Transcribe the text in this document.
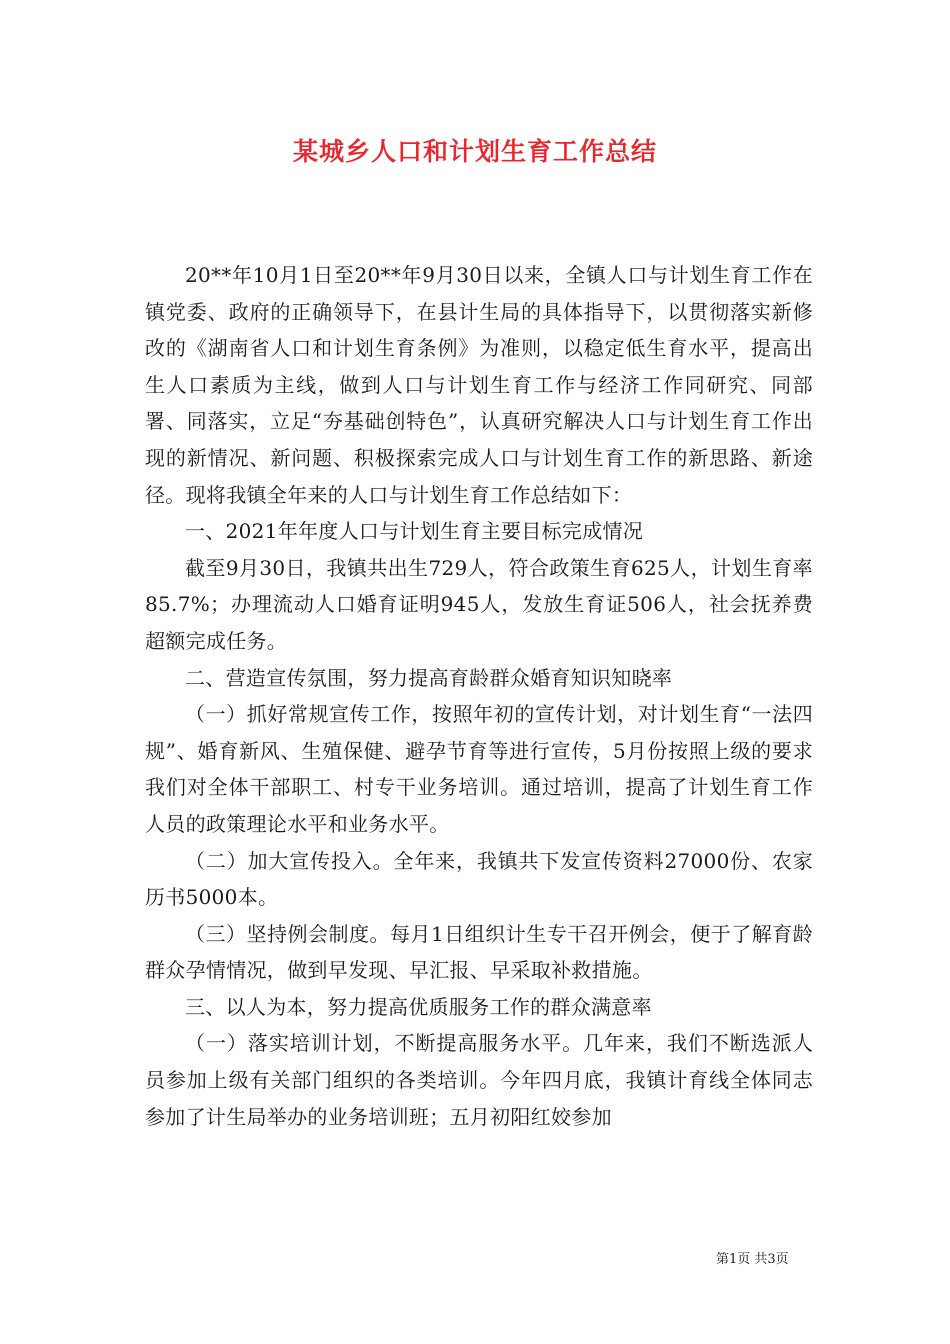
某城乡人口和计划生育工作总结

20**年10月1日至20**年9月30日以来，全镇人口与计划生育工作在镇党委、政府的正确领导下，在县计生局的具体指导下，以贯彻落实新修改的《湖南省人口和计划生育条例》为准则，以稳定低生育水平，提高出生人口素质为主线，做到人口与计划生育工作与经济工作同研究、同部署、同落实，立足“夯基础创特色”，认真研究解决人口与计划生育工作出现的新情况、新问题、积极探索完成人口与计划生育工作的新思路、新途径。现将我镇全年来的人口与计划生育工作总结如下：

一、2021年年度人口与计划生育主要目标完成情况

截至9月30日，我镇共出生729人，符合政策生育625人，计划生育率85.7%；办理流动人口婚育证明945人，发放生育证506人，社会抚养费超额完成任务。

二、营造宣传氛围，努力提高育龄群众婚育知识知晓率

（一）抓好常规宣传工作，按照年初的宣传计划，对计划生育“一法四规”、婚育新风、生殖保健、避孕节育等进行宣传，5月份按照上级的要求我们对全体干部职工、村专干业务培训。通过培训，提高了计划生育工作人员的政策理论水平和业务水平。

（二）加大宣传投入。全年来，我镇共下发宣传资料27000份、农家历书5000本。

（三）坚持例会制度。每月1日组织计生专干召开例会，便于了解育龄群众孕情情况，做到早发现、早汇报、早采取补救措施。

三、以人为本，努力提高优质服务工作的群众满意率

（一）落实培训计划，不断提高服务水平。几年来，我们不断选派人员参加上级有关部门组织的各类培训。今年四月底，我镇计育线全体同志参加了计生局举办的业务培训班；五月初阳红姣参加

第1页 共3页
